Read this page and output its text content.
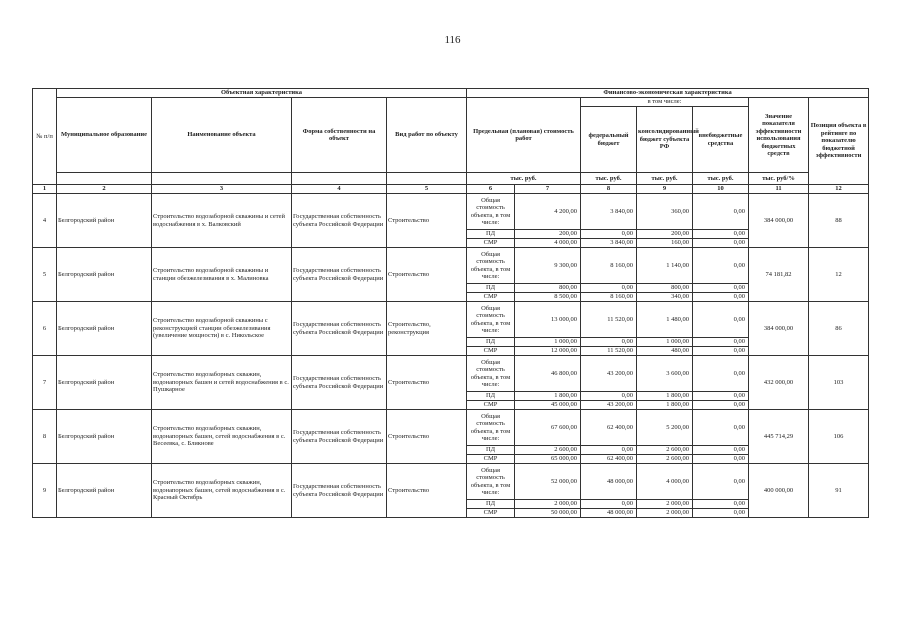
116
№ п/п	Объектная характеристика				Финансово-экономическая характеристика						
	Муниципальное образование	Наименование объекта	Форма собственности на объект	Вид работ по объекту	Предельная (плановая) стоимость работ		в том числе:			Значение показателя эффективности использования бюджетных средств	Позиция объекта в рейтинге по показателю бюджетной эффективности
							федеральный бюджет	консолидированный бюджет субъекта РФ	внебюджетные средства		
					тыс. руб.		тыс. руб.	тыс. руб.	тыс. руб.	тыс. руб/%	
1	2	3	4	5	6	7	8	9	10	11	12
4	Белгородский район	Строительство водозаборной скважины и сетей водоснабжения в х. Валковский	Государственная собственность субъекта Российской Федерации	Строительство	Общая стоимость объекта, в том числе:	4 200,00	3 840,00	360,00	0,00	384 000,00	88
					ПД	200,00	0,00	200,00	0,00		
					СМР	4 000,00	3 840,00	160,00	0,00		
5	Белгородский район	Строительство водозаборной скважины и станции обезжелезивания в х. Малиновка	Государственная собственность субъекта Российской Федерации	Строительство	Общая стоимость объекта, в том числе:	9 300,00	8 160,00	1 140,00	0,00	74 181,82	12
					ПД	800,00	0,00	800,00	0,00		
					СМР	8 500,00	8 160,00	340,00	0,00		
6	Белгородский район	Строительство водозаборной скважины с реконструкцией станции обезжелезивания (увеличение мощности) в с. Никольское	Государственная собственность субъекта Российской Федерации	Строительство, реконструкция	Общая стоимость объекта, в том числе:	13 000,00	11 520,00	1 480,00	0,00	384 000,00	86
					ПД	1 000,00	0,00	1 000,00	0,00		
					СМР	12 000,00	11 520,00	480,00	0,00		
7	Белгородский район	Строительство водозаборных скважин, водонапорных башен и сетей водоснабжения в с. Пушкарное	Государственная собственность субъекта Российской Федерации	Строительство	Общая стоимость объекта, в том числе:	46 800,00	43 200,00	3 600,00	0,00	432 000,00	103
					ПД	1 800,00	0,00	1 800,00	0,00		
					СМР	45 000,00	43 200,00	1 800,00	0,00		
8	Белгородский район	Строительство водозаборных скважин, водонапорных башен, сетей водоснабжения в с. Весеевка, с. Бликнове	Государственная собственность субъекта Российской Федерации	Строительство	Общая стоимость объекта, в том числе:	67 600,00	62 400,00	5 200,00	0,00	445 714,29	106
					ПД	2 600,00	0,00	2 600,00	0,00		
					СМР	65 000,00	62 400,00	2 600,00	0,00		
9	Белгородский район	Строительство водозаборных скважин, водонапорных башен, сетей водоснабжения в с. Красный Октябрь	Государственная собственность субъекта Российской Федерации	Строительство	Общая стоимость объекта, в том числе:	52 000,00	48 000,00	4 000,00	0,00	400 000,00	91
					ПД	2 000,00	0,00	2 000,00	0,00		
					СМР	50 000,00	48 000,00	2 000,00	0,00		
